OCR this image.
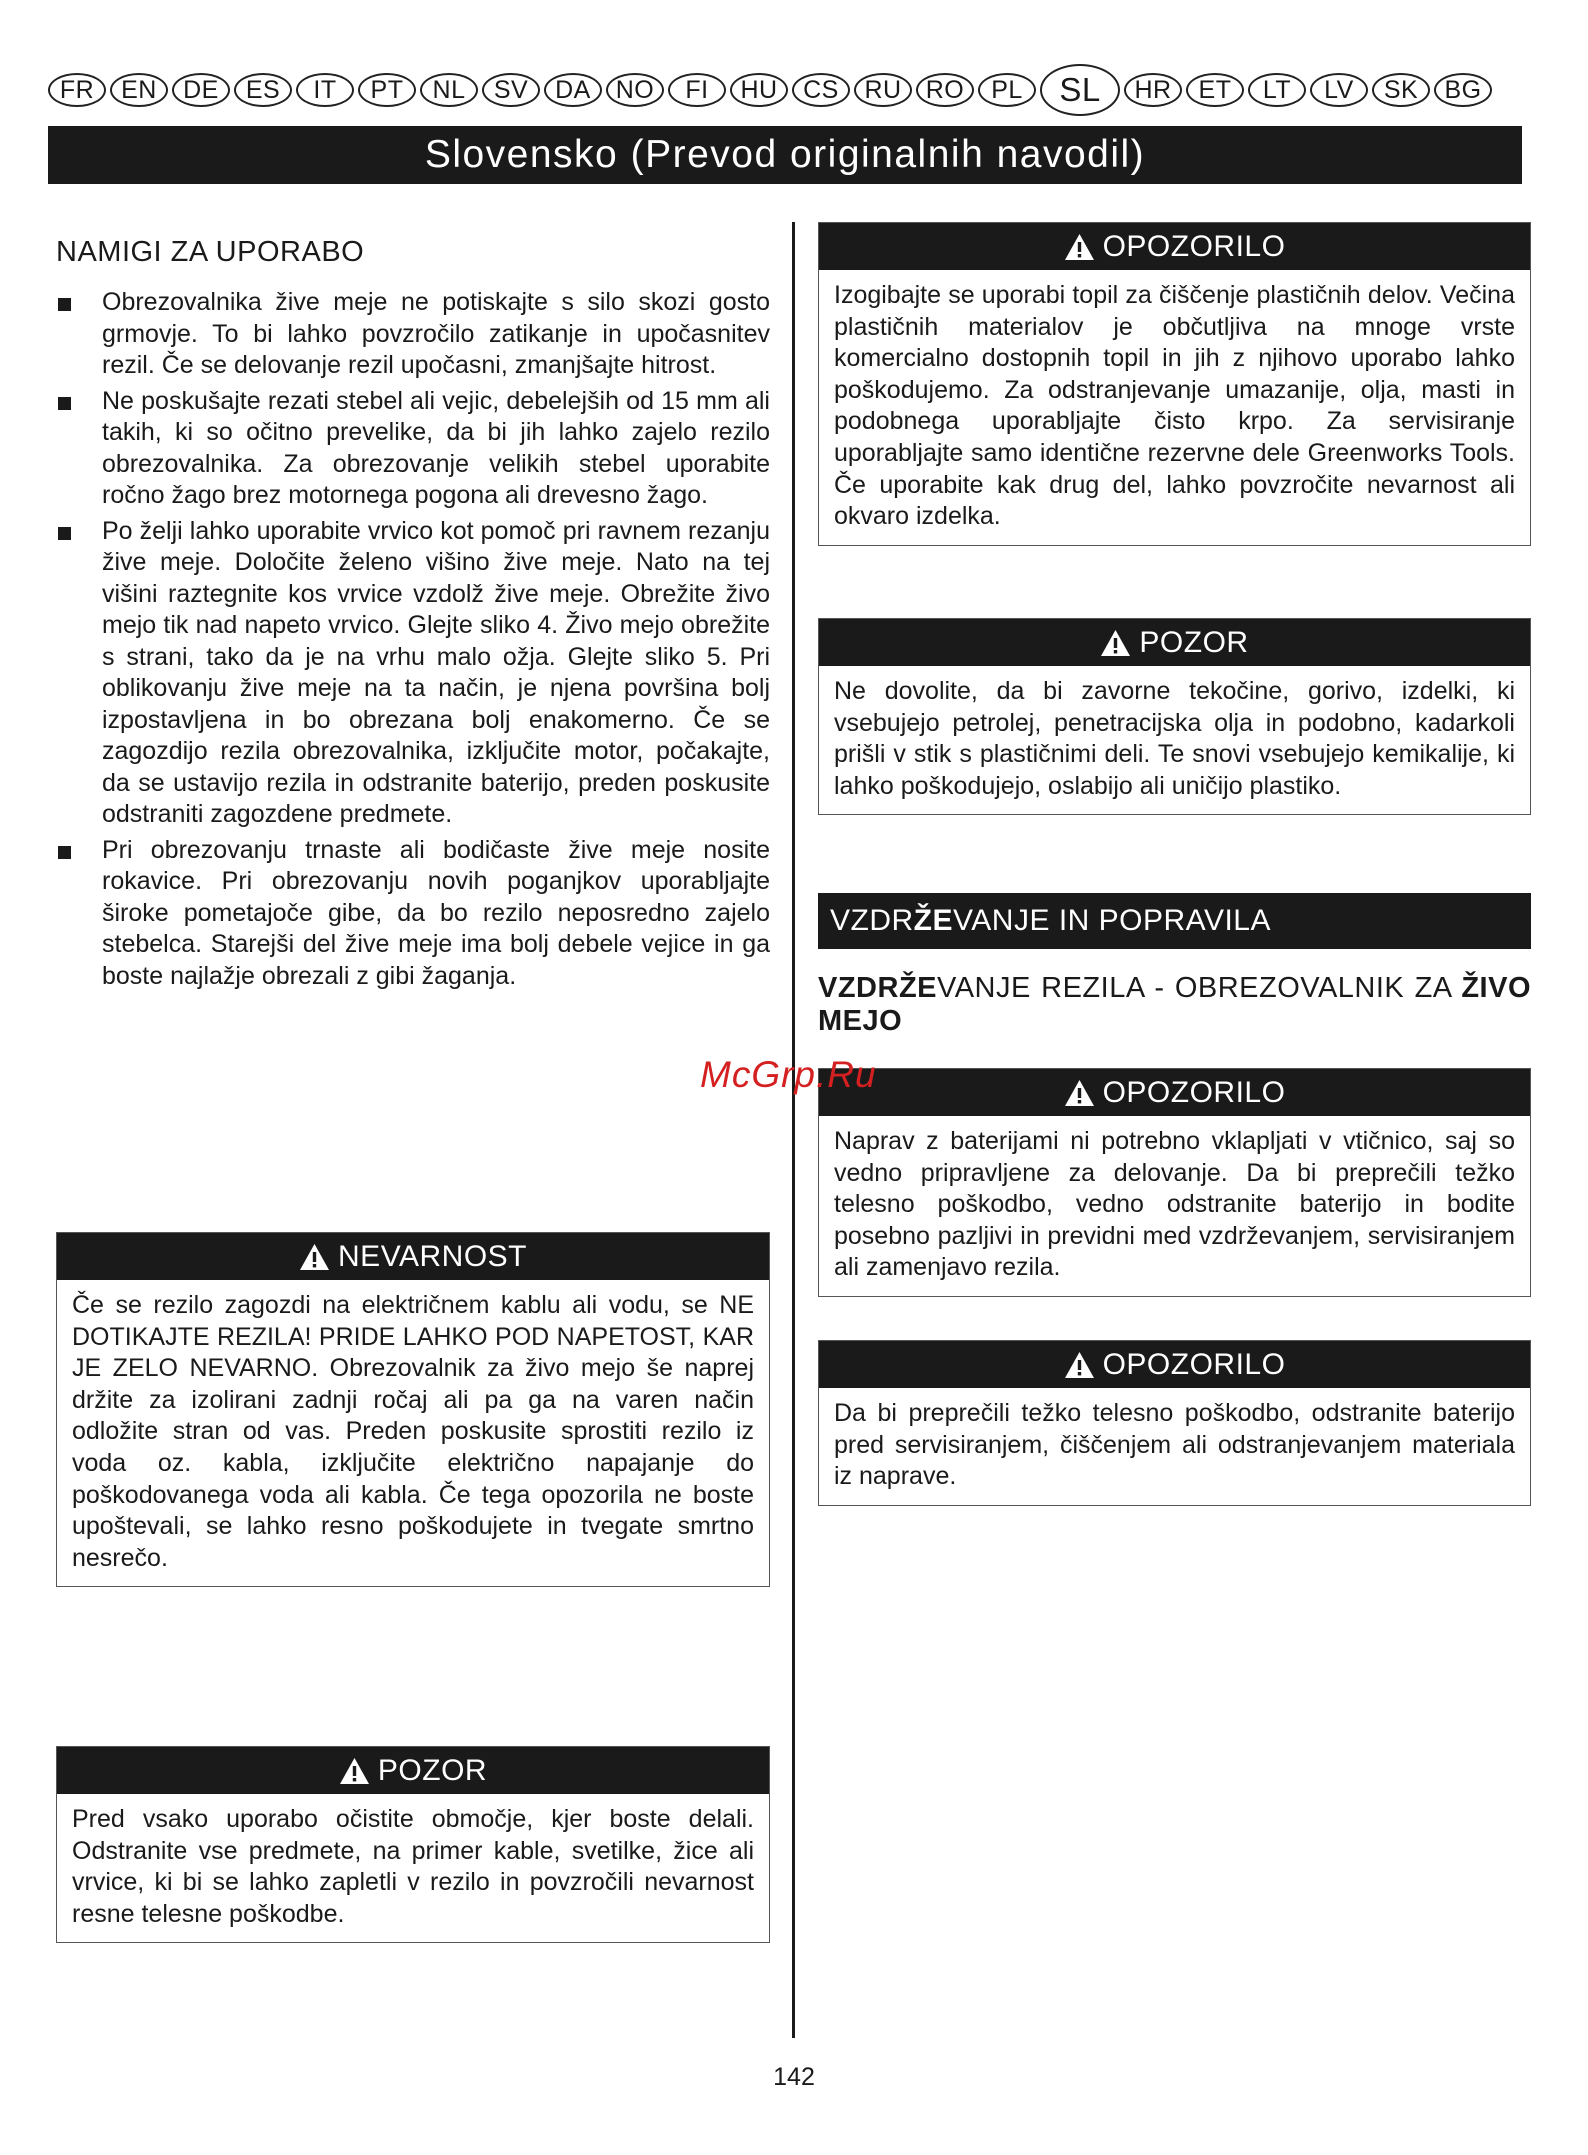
FR	EN	DE	ES	IT	PT	NL	SV	DA NO	FI	HU	CS	RU RO	PL	SL	HR	ET	LT	LV	SK	BG
Slovensko (Prevod originalnih navodil)
NAMIGI ZA UPORABO
Obrezovalnika žive meje ne potiskajte s silo skozi gosto grmovje. To bi lahko povzročilo zatikanje in upočasnitev rezil. Če se delovanje rezil upočasni, zmanjšajte hitrost.
Ne poskušajte rezati stebel ali vejic, debelejših od 15 mm ali takih, ki so očitno prevelike, da bi jih lahko zajelo rezilo obrezovalnika. Za obrezovanje velikih stebel uporabite ročno žago brez motornega pogona ali drevesno žago.
Po želji lahko uporabite vrvico kot pomoč pri ravnem rezanju žive meje. Določite želeno višino žive meje. Nato na tej višini raztegnite kos vrvice vzdolž žive meje. Obrežite živo mejo tik nad napeto vrvico. Glejte sliko 4. Živo mejo obrežite s strani, tako da je na vrhu malo ožja. Glejte sliko 5. Pri oblikovanju žive meje na ta način, je njena površina bolj izpostavljena in bo obrezana bolj enakomerno. Če se zagozdijo rezila obrezovalnika, izklјučite motor, počakajte, da se ustavijo rezila in odstranite baterijo, preden poskusite odstraniti zagozdene predmete.
Pri obrezovanju trnaste ali bodičaste žive meje nosite rokavice. Pri obrezovanju novih poganjkov uporabljajte široke pometajoče gibe, da bo rezilo neposredno zajelo stebelca. Starejši del žive meje ima bolj debele vejice in ga boste najlažje obrezali z gibi žaganja.
NEVARNOST
Če se rezilo zagozdi na električnem kablu ali vodu, se NE DOTIKAJTE REZILA! PRIDE LAHKO POD NAPETOST, KAR JE ZELO NEVARNO. Obrezovalnik za živo mejo še naprej držite za izolirani zadnji ročaj ali pa ga na varen način odložite stran od vas. Preden poskusite sprostiti rezilo iz voda oz. kabla, izklјučite električno napajanje do poškodovanega voda ali kabla. Če tega opozorila ne boste upoštevali, se lahko resno poškodujete in tvegate smrtno nesrečo.
POZOR
Pred vsako uporabo očistite območje, kjer boste delali. Odstranite vse predmete, na primer kable, svetilke, žice ali vrvice, ki bi se lahko zapletli v rezilo in povzročili nevarnost resne telesne poškodbe.
OPOZORILO
Izogibajte se uporabi topil za čiščenje plastičnih delov. Večina plastičnih materialov je občutljiva na mnoge vrste komercialno dostopnih topil in jih z njihovo uporabo lahko poškodujemo. Za odstranjevanje umazanije, olja, masti in podobnega uporabljajte čisto krpo. Za servisiranje uporabljajte samo identične rezervne dele Greenworks Tools. Če uporabite kak drug del, lahko povzročite nevarnost ali okvaro izdelka.
POZOR
Ne dovolite, da bi zavorne tekočine, gorivo, izdelki, ki vsebujejo petrolej, penetracijska olja in podobno, kadarkoli prišli v stik s plastičnimi deli. Te snovi vsebujejo kemikalije, ki lahko poškodujejo, oslabijo ali uničijo plastiko.
VZDR ŽE VANJE IN POPRAVILA
VZDRŽEVANJE REZILA - OBREZOVALNIK ZA ŽIVO MEJO
OPOZORILO
Naprav z baterijami ni potrebno vklapljati v vtičnico, saj so vedno pripravljene za delovanje. Da bi preprečili težko telesno poškodbo, vedno odstranite baterijo in bodite posebno pazljivi in previdni med vzdrževanjem, servisiranjem ali zamenjavo rezila.
OPOZORILO
Da bi preprečili težko telesno poškodbo, odstranite baterijo pred servisiranjem, čiščenjem ali odstranjevanjem materiala iz naprave.
McGrp.Ru
142
